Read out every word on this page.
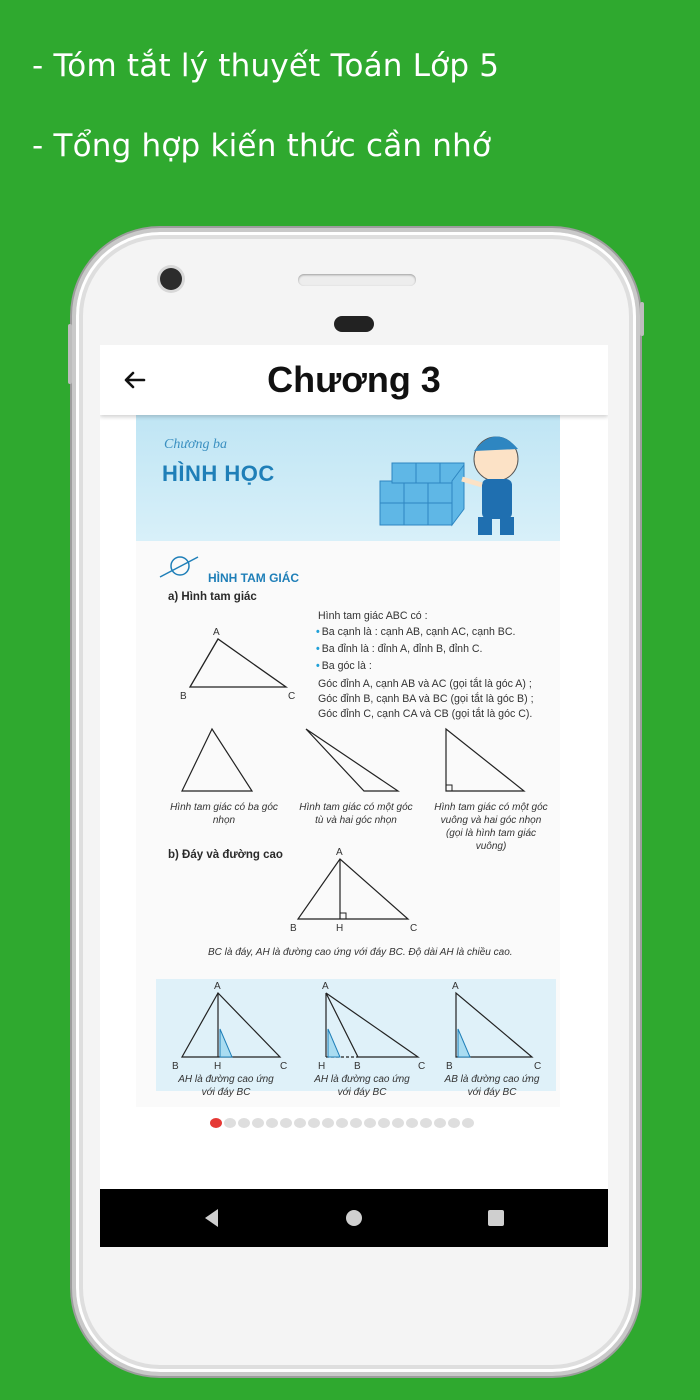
- Tóm tắt lý thuyết Toán Lớp 5
- Tổng hợp kiến thức cần nhớ
Chương 3
Chương ba
HÌNH HỌC
HÌNH TAM GIÁC
a) Hình tam giác
A
B	C
Hình tam giác ABC có :
• Ba cạnh là : cạnh AB, cạnh AC, cạnh BC.
• Ba đỉnh là : đỉnh A, đỉnh B, đỉnh C.
• Ba góc là :
Góc đỉnh A, cạnh AB và AC (gọi tắt là góc A) ;
Góc đỉnh B, cạnh BA và BC (gọi tắt là góc B) ;
Góc đỉnh C, cạnh CA và CB (gọi tắt là góc C).
Hình tam giác có ba góc nhọn
Hình tam giác có một góc tù và hai góc nhọn
Hình tam giác có một góc vuông và hai góc nhọn (gọi là hình tam giác vuông)
b) Đáy và đường cao	A
B	H	C
BC là đáy, AH là đường cao ứng với đáy BC. Độ dài AH là chiều cao.
A
B	H	C
A
H	B	C
A
B	C
AH là đường cao ứng với đáy BC
AH là đường cao ứng với đáy BC
AB là đường cao ứng với đáy BC
